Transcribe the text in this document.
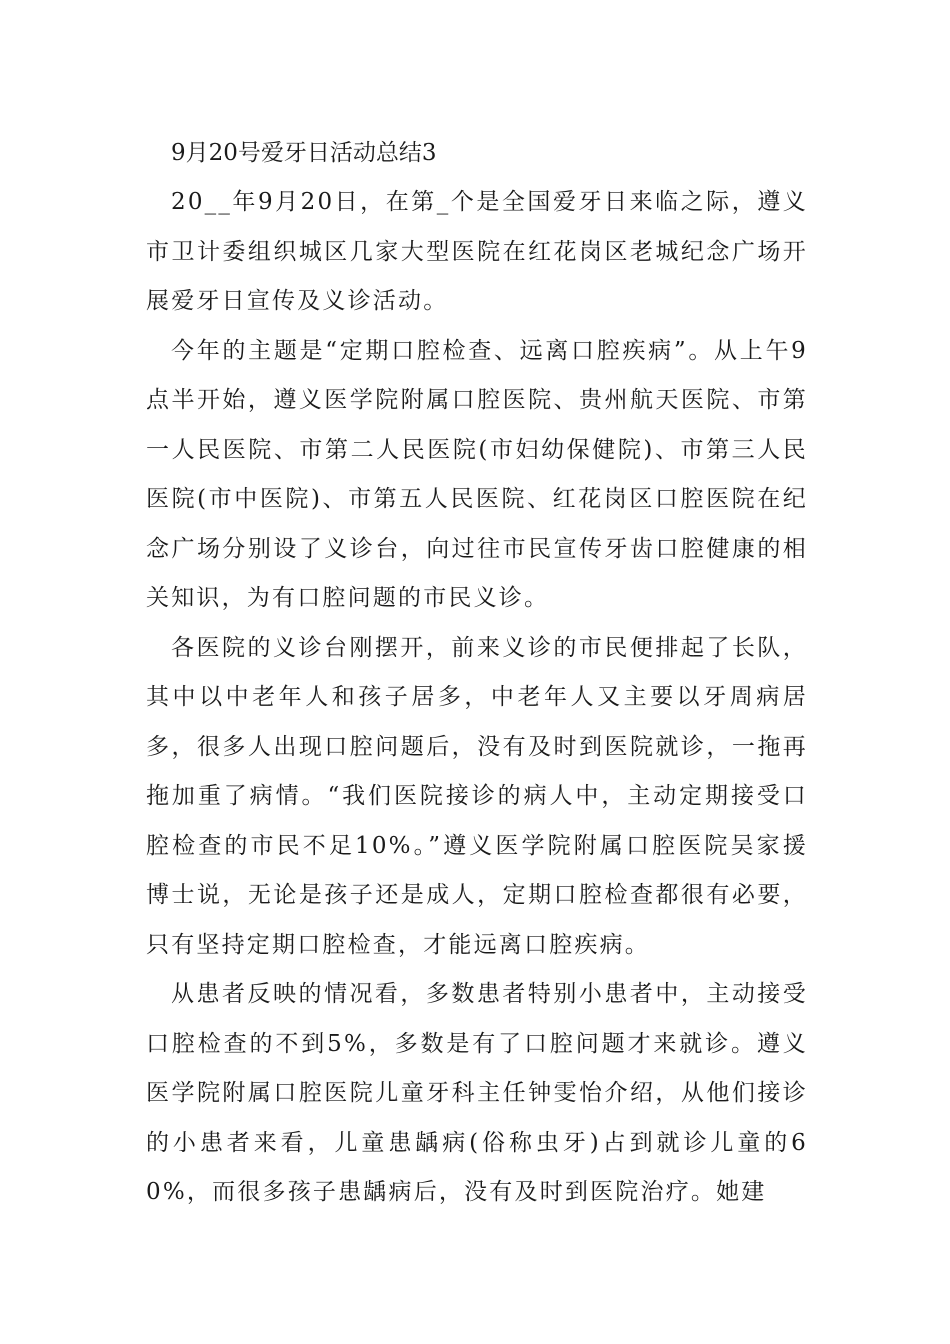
9月20号爱牙日活动总结3

20__年9月20日，在第_个是全国爱牙日来临之际，遵义市卫计委组织城区几家大型医院在红花岗区老城纪念广场开展爱牙日宣传及义诊活动。

今年的主题是“定期口腔检查、远离口腔疾病”。从上午9点半开始，遵义医学院附属口腔医院、贵州航天医院、市第一人民医院、市第二人民医院(市妇幼保健院)、市第三人民医院(市中医院)、市第五人民医院、红花岗区口腔医院在纪念广场分别设了义诊台，向过往市民宣传牙齿口腔健康的相关知识，为有口腔问题的市民义诊。

各医院的义诊台刚摆开，前来义诊的市民便排起了长队，其中以中老年人和孩子居多，中老年人又主要以牙周病居多，很多人出现口腔问题后，没有及时到医院就诊，一拖再拖加重了病情。“我们医院接诊的病人中，主动定期接受口腔检查的市民不足10%。”遵义医学院附属口腔医院吴家援博士说，无论是孩子还是成人，定期口腔检查都很有必要，只有坚持定期口腔检查，才能远离口腔疾病。

从患者反映的情况看，多数患者特别小患者中，主动接受口腔检查的不到5%，多数是有了口腔问题才来就诊。遵义医学院附属口腔医院儿童牙科主任钟雯怡介绍，从他们接诊的小患者来看，儿童患龋病(俗称虫牙)占到就诊儿童的60%，而很多孩子患龋病后，没有及时到医院治疗。她建
